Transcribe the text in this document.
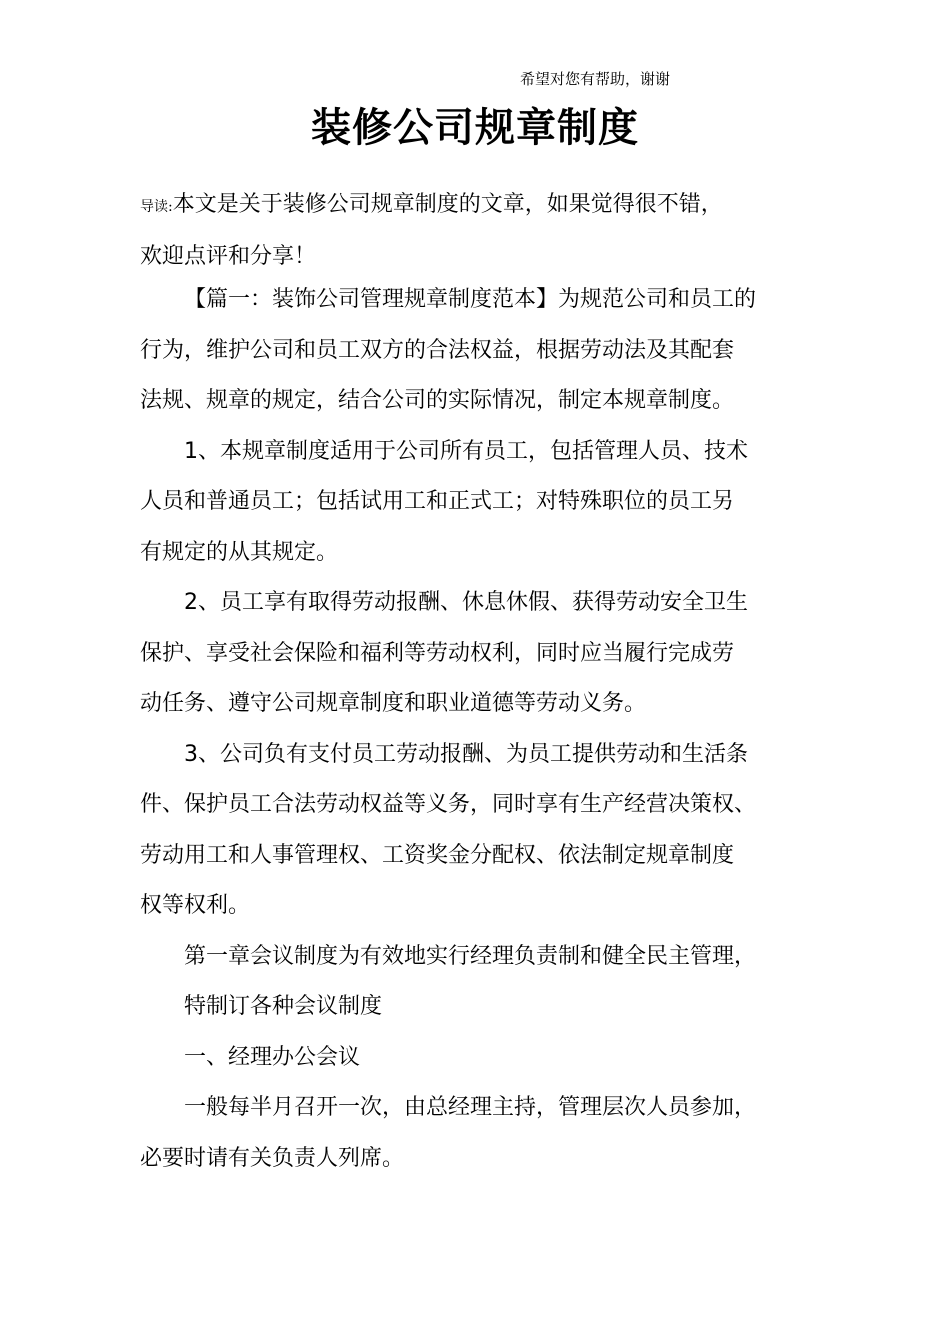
希望对您有帮助，谢谢
装修公司规章制度
导读:本文是关于装修公司规章制度的文章，如果觉得很不错，
欢迎点评和分享！
【篇一：装饰公司管理规章制度范本】为规范公司和员工的
行为，维护公司和员工双方的合法权益，根据劳动法及其配套
法规、规章的规定，结合公司的实际情况，制定本规章制度。
1、本规章制度适用于公司所有员工，包括管理人员、技术
人员和普通员工；包括试用工和正式工；对特殊职位的员工另
有规定的从其规定。
2、员工享有取得劳动报酬、休息休假、获得劳动安全卫生
保护、享受社会保险和福利等劳动权利，同时应当履行完成劳
动任务、遵守公司规章制度和职业道德等劳动义务。
3、公司负有支付员工劳动报酬、为员工提供劳动和生活条
件、保护员工合法劳动权益等义务，同时享有生产经营决策权、
劳动用工和人事管理权、工资奖金分配权、依法制定规章制度
权等权利。
第一章会议制度为有效地实行经理负责制和健全民主管理，
特制订各种会议制度
一、经理办公会议
一般每半月召开一次，由总经理主持，管理层次人员参加，
必要时请有关负责人列席。
